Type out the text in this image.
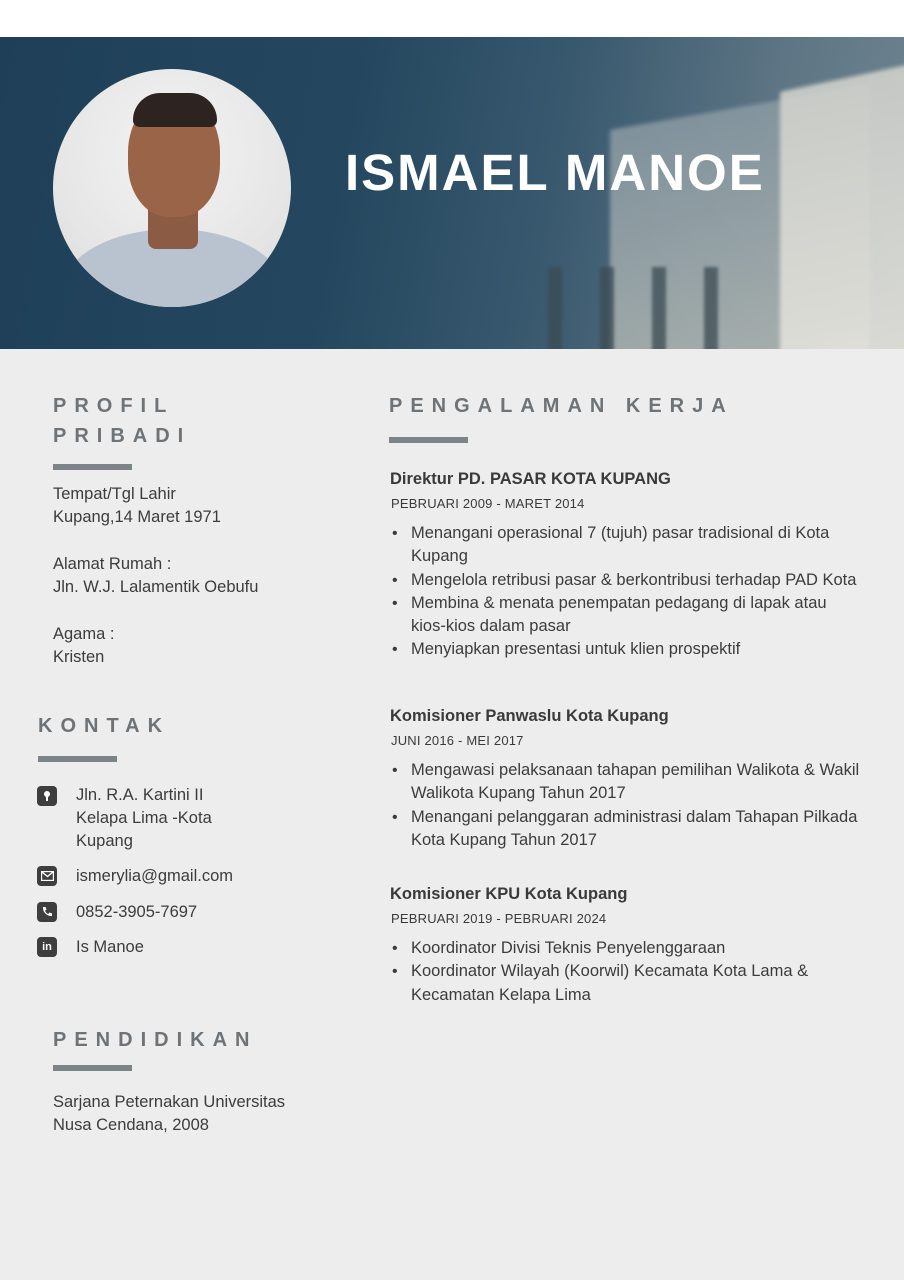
ISMAEL MANOE
PROFIL
PRIBADI
Tempat/Tgl Lahir
Kupang,14 Maret 1971
Alamat Rumah :
Jln. W.J. Lalamentik Oebufu
Agama :
Kristen
KONTAK
Jln. R.A. Kartini II
Kelapa Lima -Kota
Kupang
ismerylia@gmail.com
0852-3905-7697
in	Is Manoe
PENDIDIKAN
Sarjana Peternakan Universitas
Nusa Cendana, 2008
PENGALAMAN KERJA
Direktur PD. PASAR KOTA KUPANG
PEBRUARI 2009 - MARET 2014
• Menangani operasional 7 (tujuh) pasar tradisional di Kota Kupang
• Mengelola retribusi pasar & berkontribusi terhadap PAD Kota
• Membina & menata penempatan pedagang di lapak atau kios-kios dalam pasar
• Menyiapkan presentasi untuk klien prospektif
Komisioner Panwaslu Kota Kupang
JUNI 2016 - MEI 2017
• Mengawasi pelaksanaan tahapan pemilihan Walikota & Wakil Walikota Kupang Tahun 2017
• Menangani pelanggaran administrasi dalam Tahapan Pilkada Kota Kupang Tahun 2017
Komisioner KPU Kota Kupang
PEBRUARI 2019 - PEBRUARI 2024
• Koordinator Divisi Teknis Penyelenggaraan
• Koordinator Wilayah (Koorwil) Kecamata Kota Lama & Kecamatan Kelapa Lima
